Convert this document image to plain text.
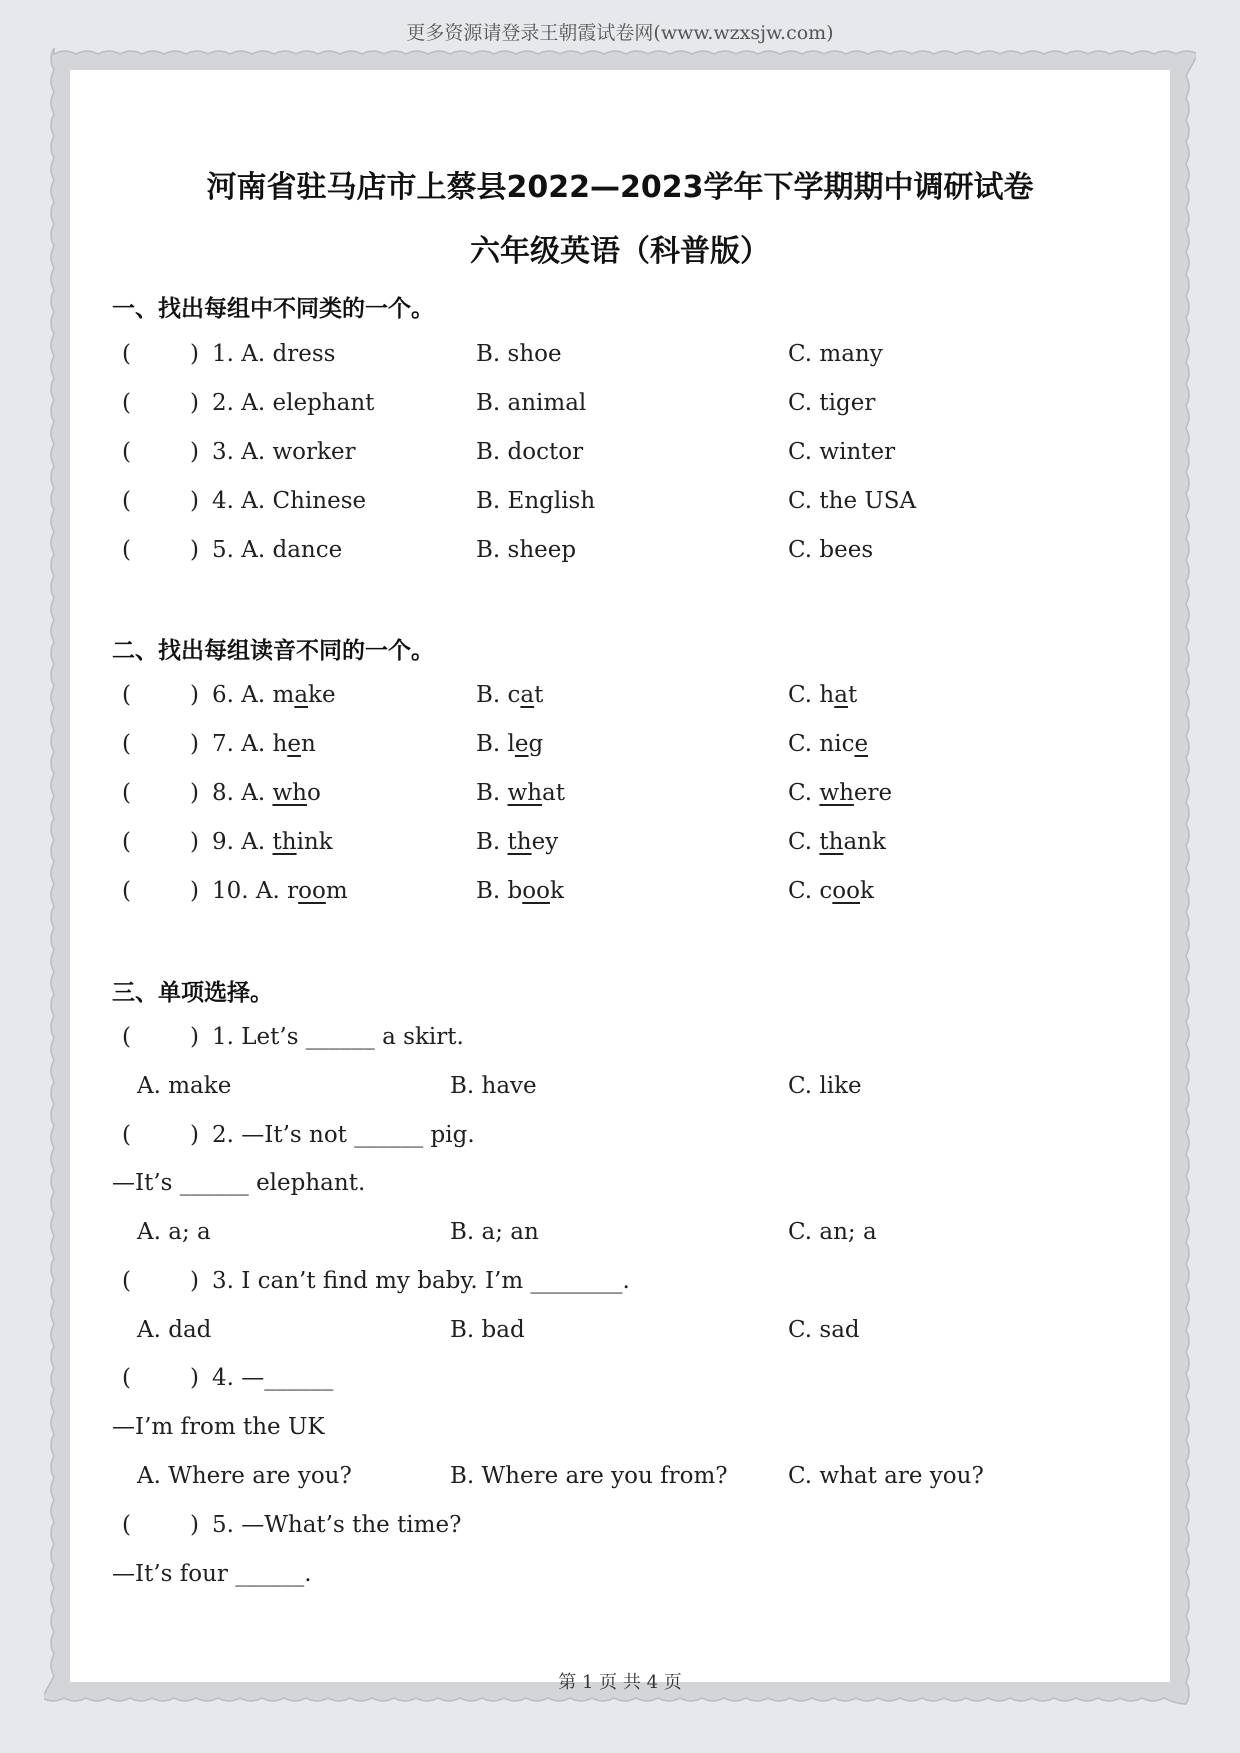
更多资源请登录王朝霞试卷网(www.wzxsjw.com)
河南省驻马店市上蔡县2022—2023学年下学期期中调研试卷
六年级英语（科普版）
一、找出每组中不同类的一个。
(	) 1. A. dress	B. shoe	C. many
(	) 2. A. elephant	B. animal	C. tiger
(	) 3. A. worker	B. doctor	C. winter
(	) 4. A. Chinese	B. English	C. the USA
(	) 5. A. dance	B. sheep	C. bees
二、找出每组读音不同的一个。
(	) 6. A. make	B. cat	C. hat
(	) 7. A. hen	B. leg	C. nice
(	) 8. A. who	B. what	C. where
(	) 9. A. think	B. they	C. thank
(	) 10. A. room	B. book	C. cook
三、单项选择。
(	) 1. Let’s ______ a skirt.
A. make	B. have	C. like
(	) 2. —It’s not ______ pig.
—It’s ______ elephant.
A. a; a	B. a; an	C. an; a
(	) 3. I can’t find my baby. I’m ________.
A. dad	B. bad	C. sad
(	) 4. —______
—I’m from the UK
A. Where are you?	B. Where are you from?	C. what are you?
(	) 5. —What’s the time?
—It’s four ______.
第 1 页 共 4 页
